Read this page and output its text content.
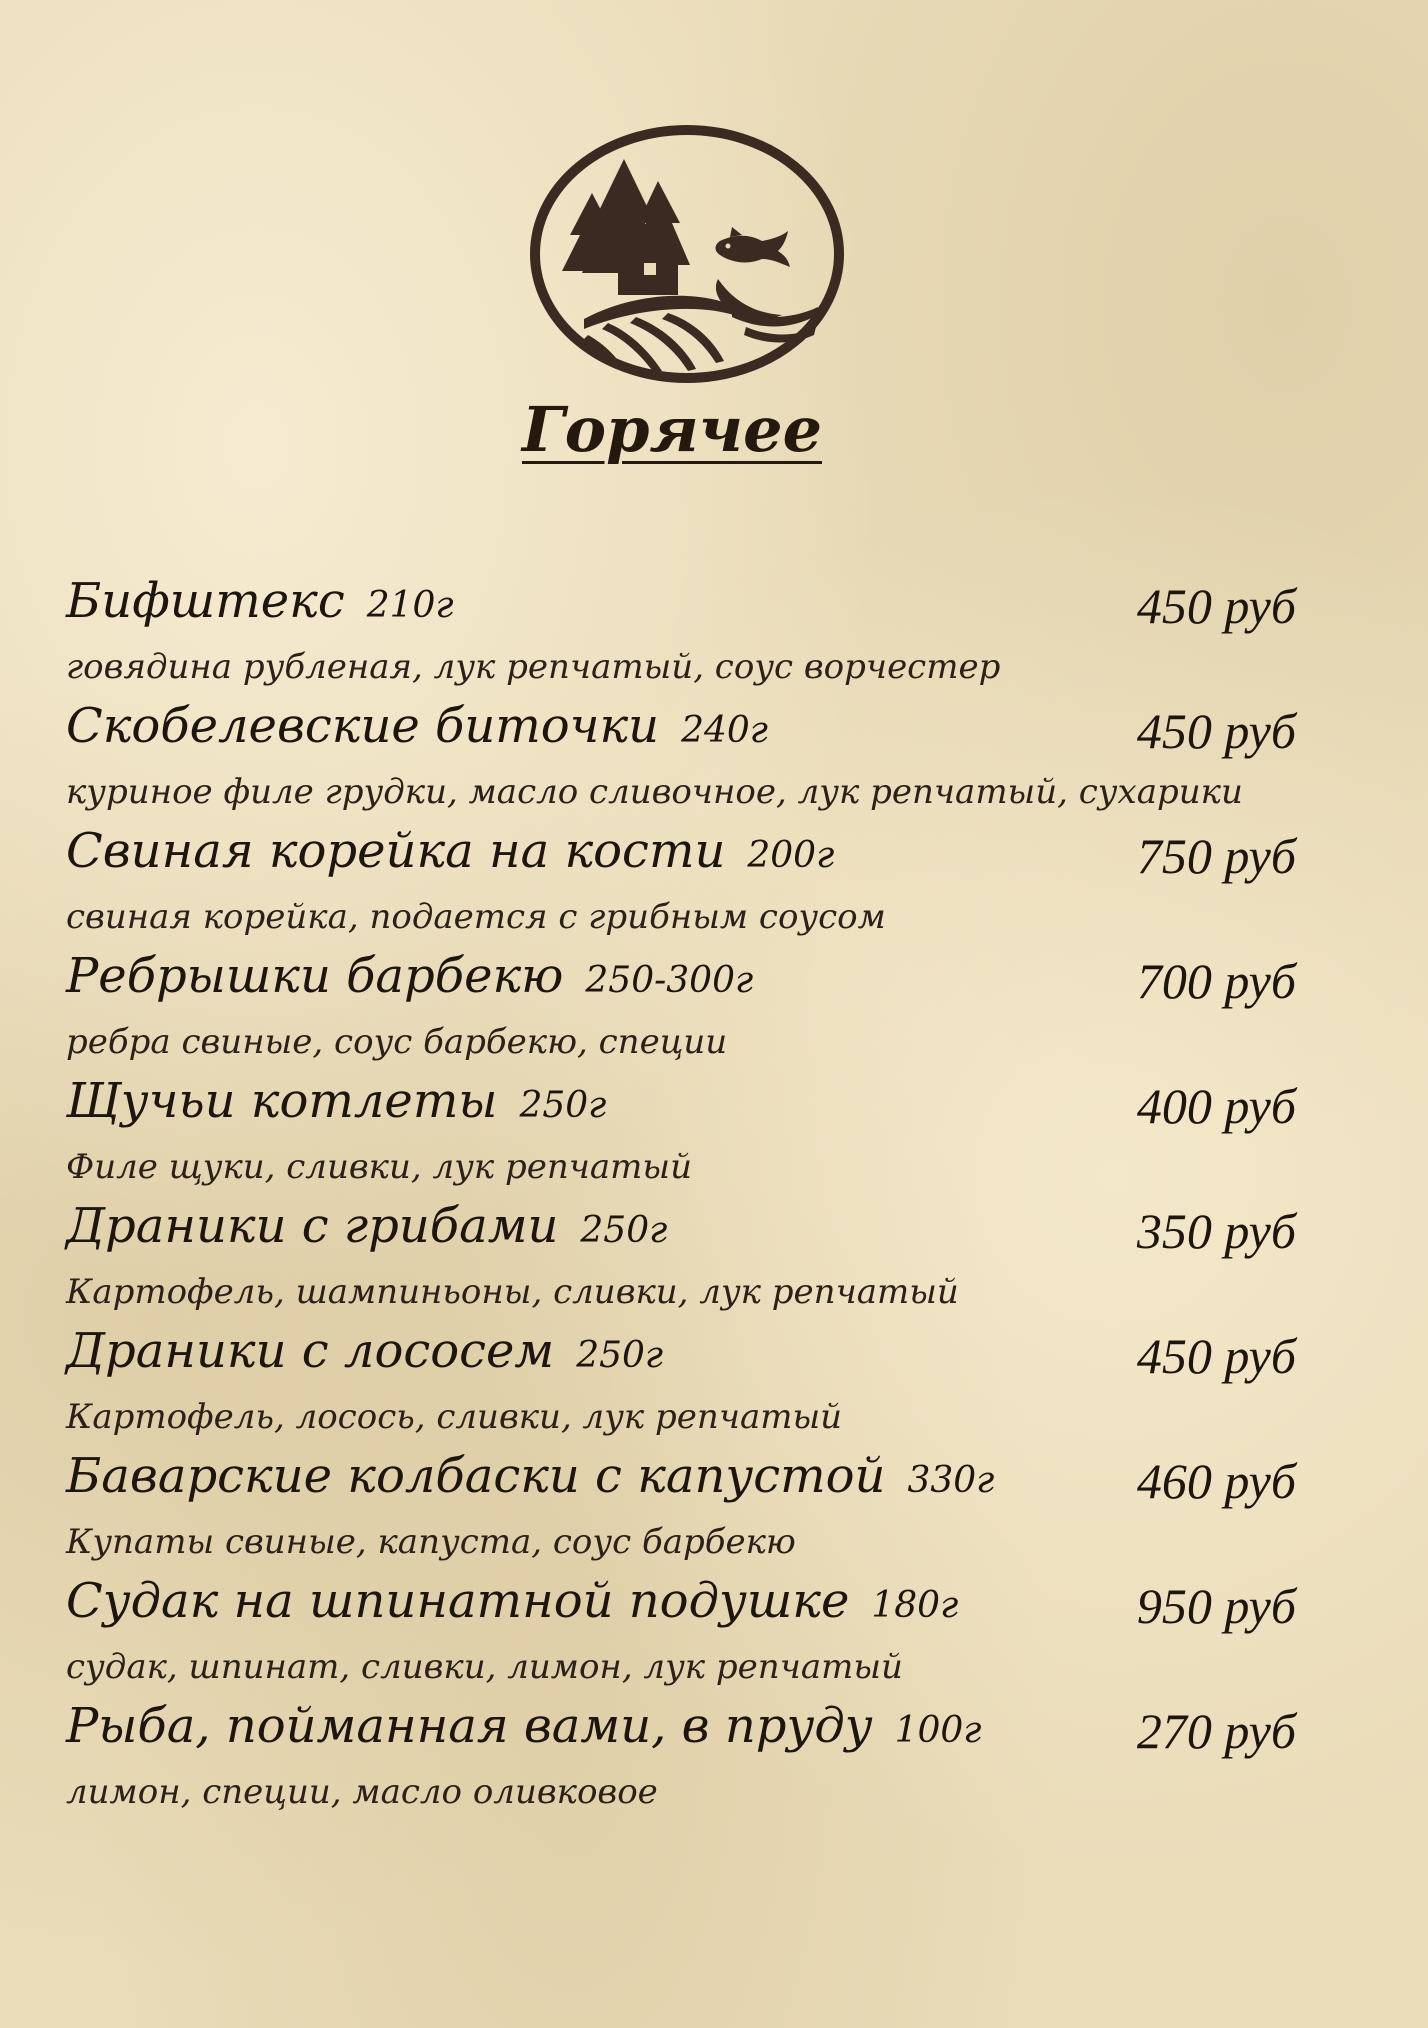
Горячее
Бифштекс 210г	450 руб
говядина рубленая, лук репчатый, соус ворчестер
Скобелевские биточки 240г	450 руб
куриное филе грудки, масло сливочное, лук репчатый, сухарики
Свиная корейка на кости 200г	750 руб
свиная корейка, подается с грибным соусом
Ребрышки барбекю 250-300г	700 руб
ребра свиные, соус барбекю, специи
Щучьи котлеты 250г	400 руб
Филе щуки, сливки, лук репчатый
Драники с грибами 250г	350 руб
Картофель, шампиньоны, сливки, лук репчатый
Драники с лососем 250г	450 руб
Картофель, лосось, сливки, лук репчатый
Баварские колбаски с капустой 330г	460 руб
Купаты свиные, капуста, соус барбекю
Судак на шпинатной подушке 180г	950 руб
судак, шпинат, сливки, лимон, лук репчатый
Рыба, пойманная вами, в пруду 100г	270 руб
лимон, специи, масло оливковое
